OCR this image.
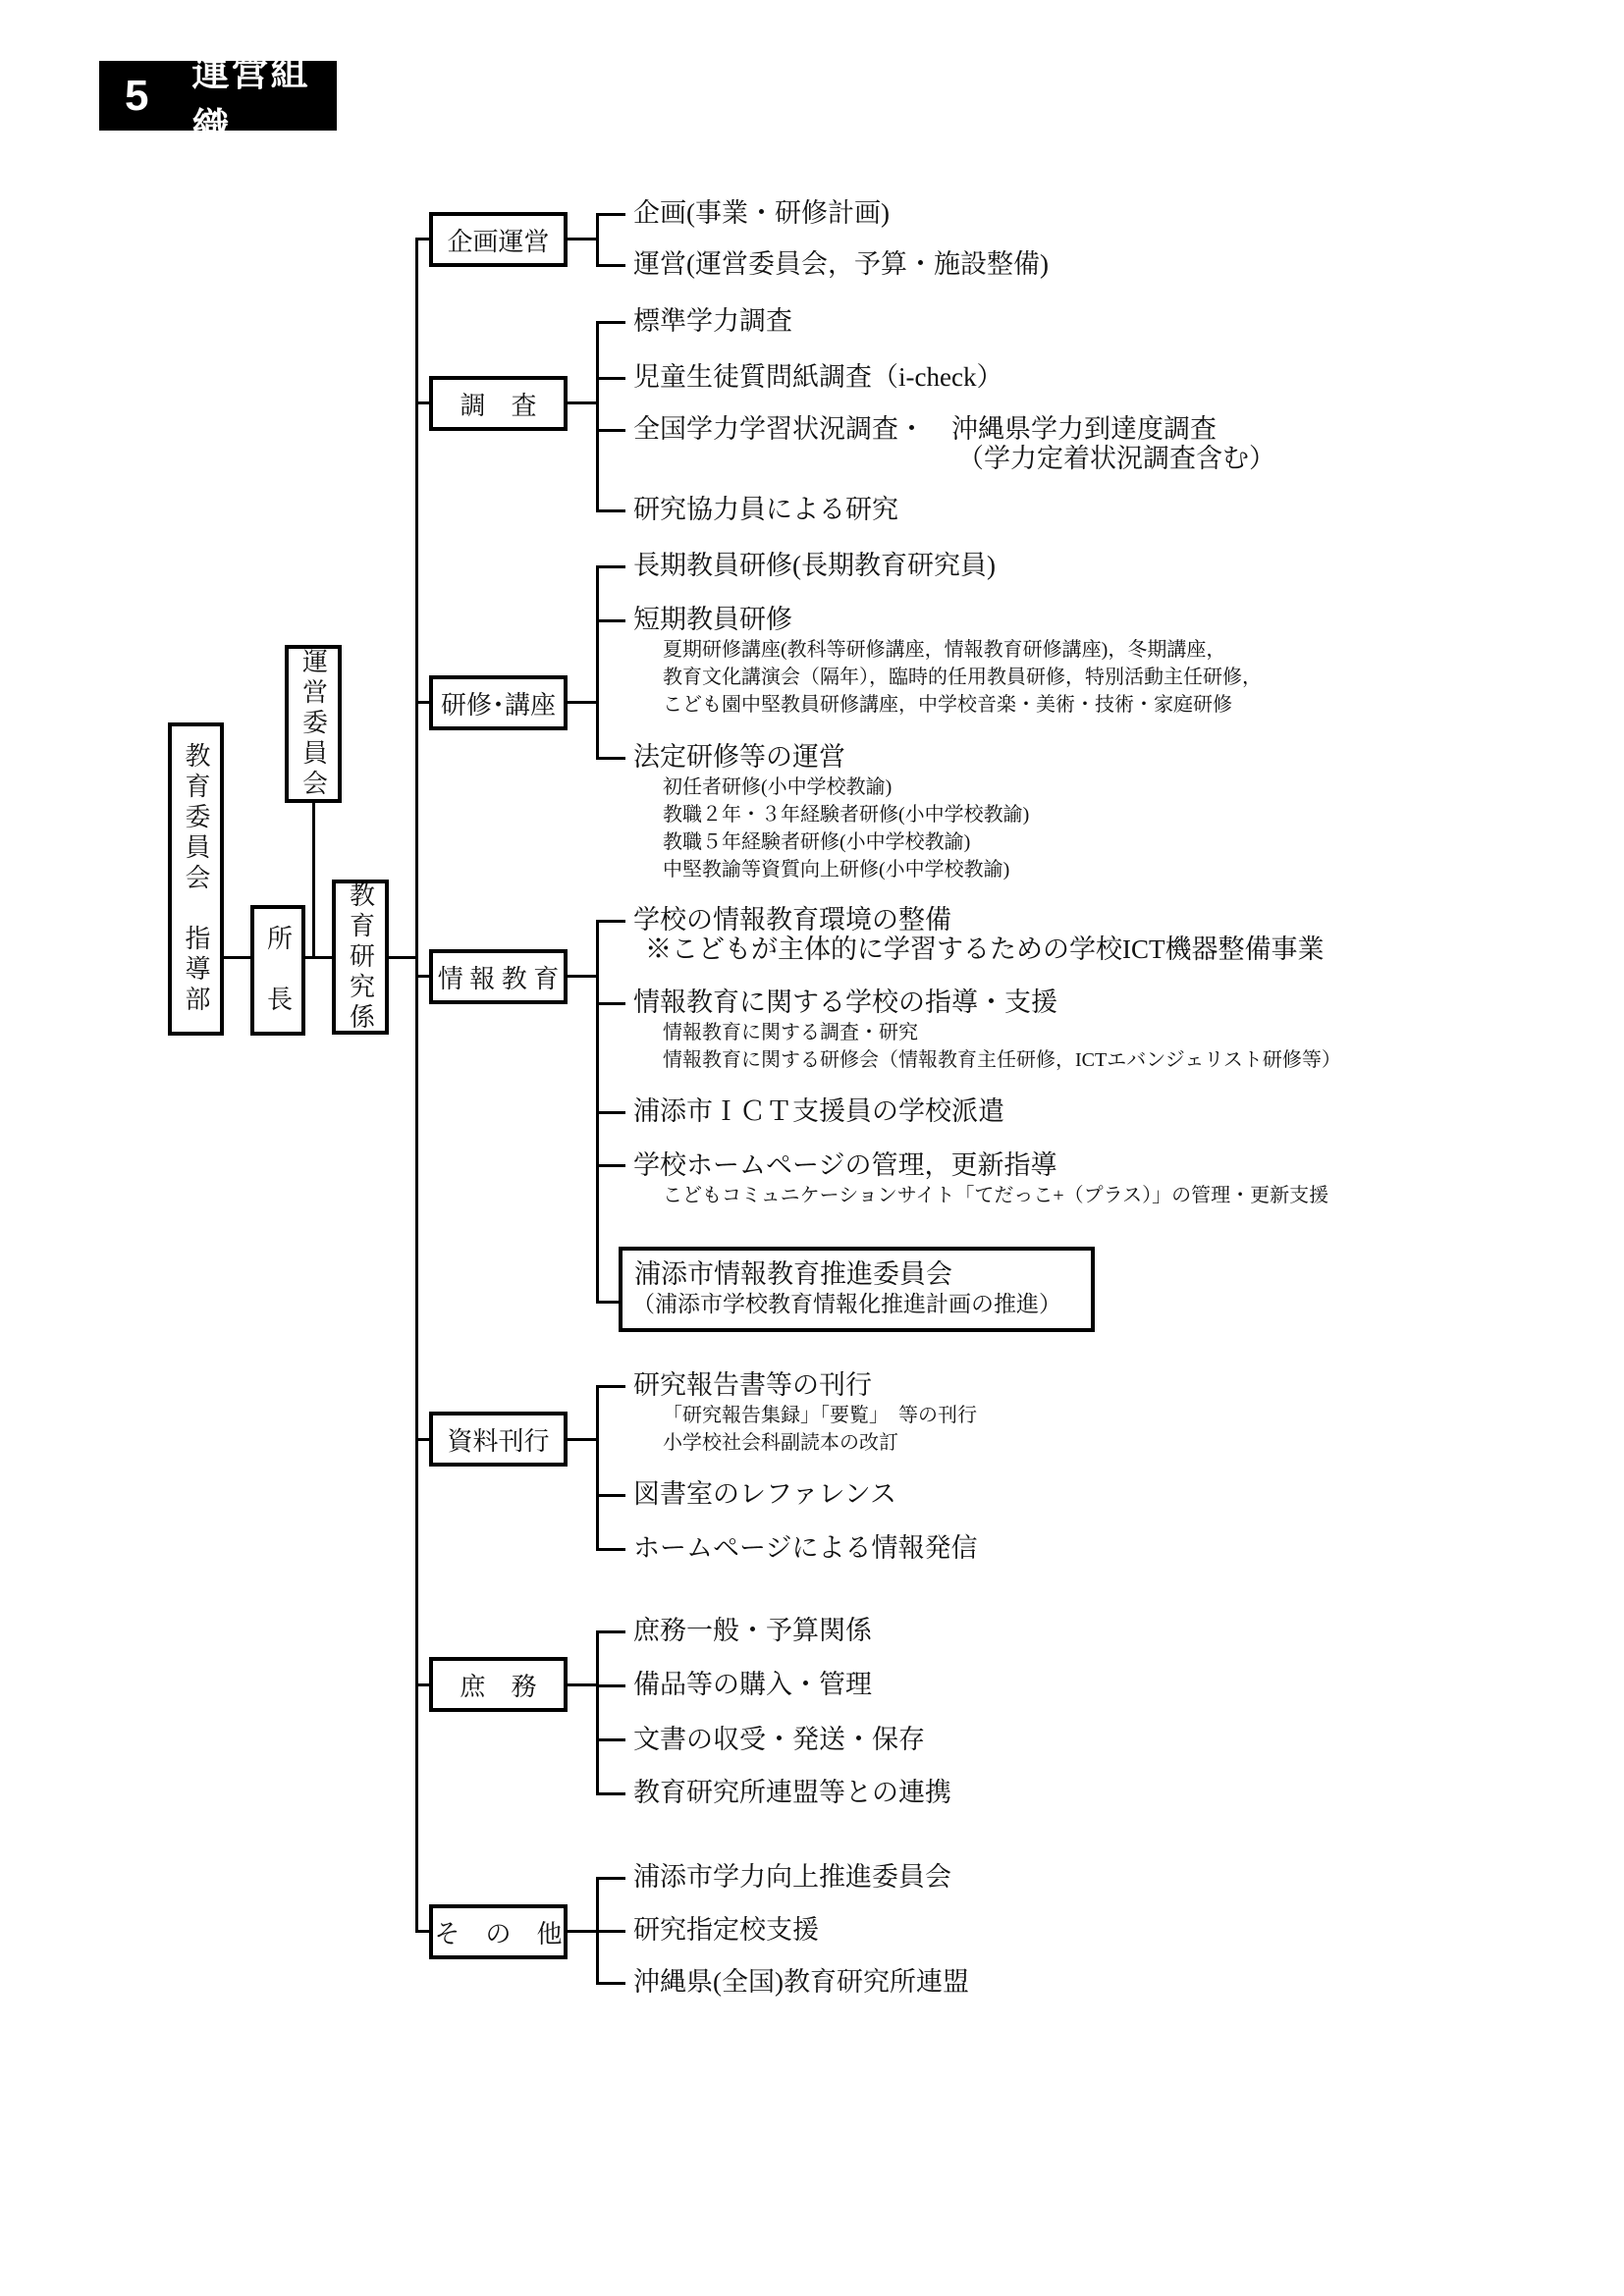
5	運営組織
教育委員会　指導部	所　長
運営委員会
教育研究係
企画運営
調　査
研修･講座
情 報 教 育
資料刊行
庶　務
そ　の　他
企画(事業・研修計画)
運営(運営委員会，予算・施設整備)
標準学力調査
児童生徒質問紙調査（i-check）
全国学力学習状況調査・　沖縄県学力到達度調査
（学力定着状況調査含む）
研究協力員による研究
長期教員研修(長期教育研究員)
短期教員研修
夏期研修講座(教科等研修講座，情報教育研修講座)，冬期講座，
教育文化講演会（隔年），臨時的任用教員研修，特別活動主任研修，
こども園中堅教員研修講座，中学校音楽・美術・技術・家庭研修
法定研修等の運営
初任者研修(小中学校教諭)
教職２年・３年経験者研修(小中学校教諭)
教職５年経験者研修(小中学校教諭)
中堅教諭等資質向上研修(小中学校教諭)
学校の情報教育環境の整備
※こどもが主体的に学習するための学校ICT機器整備事業
情報教育に関する学校の指導・支援
情報教育に関する調査・研究
情報教育に関する研修会（情報教育主任研修，ICTエバンジェリスト研修等）
浦添市ＩＣＴ支援員の学校派遣
学校ホームページの管理，更新指導
こどもコミュニケーションサイト「てだっこ+（プラス）」の管理・更新支援
浦添市情報教育推進委員会
（浦添市学校教育情報化推進計画の推進）
研究報告書等の刊行
「研究報告集録」「要覧」　等の刊行
小学校社会科副読本の改訂
図書室のレファレンス
ホームページによる情報発信
庶務一般・予算関係
備品等の購入・管理
文書の収受・発送・保存
教育研究所連盟等との連携
浦添市学力向上推進委員会
研究指定校支援
沖縄県(全国)教育研究所連盟
